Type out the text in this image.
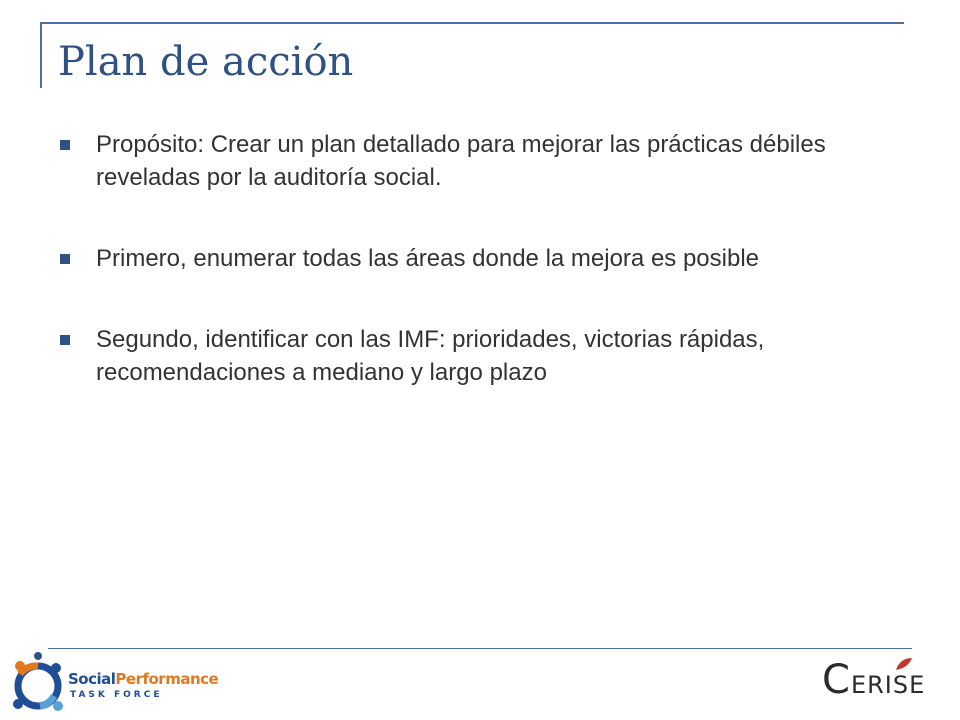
Plan de acción
Propósito: Crear un plan detallado para mejorar las prácticas débiles reveladas por la auditoría social.
Primero, enumerar todas las áreas donde la mejora es posible
Segundo, identificar con las IMF: prioridades, victorias rápidas, recomendaciones a mediano y largo plazo
SocialPerformance
TASK FORCE	CERISE
